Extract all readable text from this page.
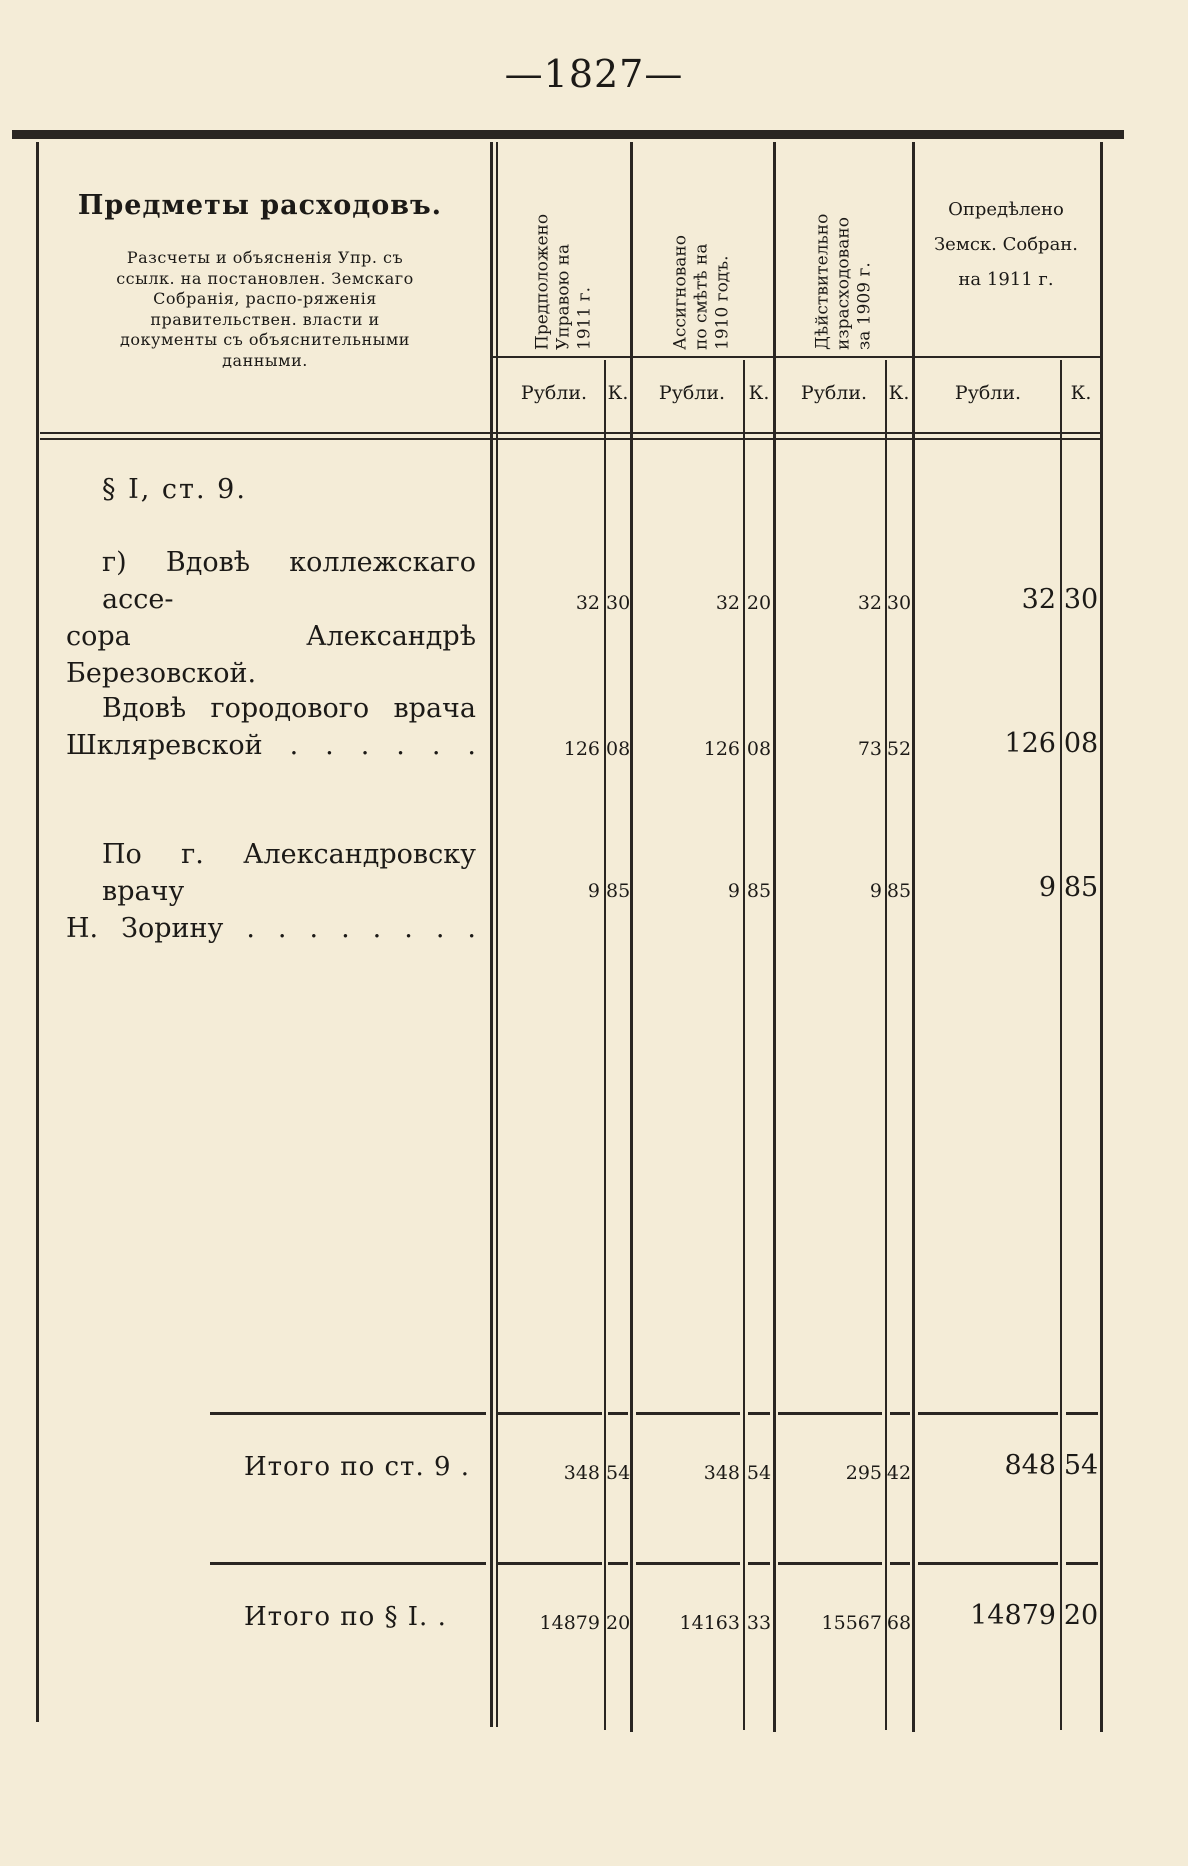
—1827—
Предметы расходовъ.
Разсчеты и объясненія Упр. съ ссылк. на постановлен. Земскаго Собранія, распо-ряженія правительствен. власти и документы съ объяснительными данными.
Предположено
Управою на
1911 г.	Ассигновано
по смѣтѣ на
1910 годъ.	Дѣйствительно
израсходовано
за 1909 г.
Опредѣлено
Земск. Собран.
на 1911 г.
Рубли.	К.	Рубли.	К.	Рубли.	К.	Рубли.	К.
§ I, ст. 9.
г) Вдовѣ коллежскаго ассе-
сора Александрѣ Березовской.
32 30	32 20	32 30	32 30
Вдовѣ городового врача
Шкляревской . . . . . .	126 08	126 08	73 52	126 08
По г. Александровску врачу
Н. Зорину . . . . . . . .
9 85	9 85	9 85	9 85
Итого по ст. 9 .	348 54	348 54	295 42	848 54
Итого по § I. .	14879 20	14163 33	15567 68	14879 20
